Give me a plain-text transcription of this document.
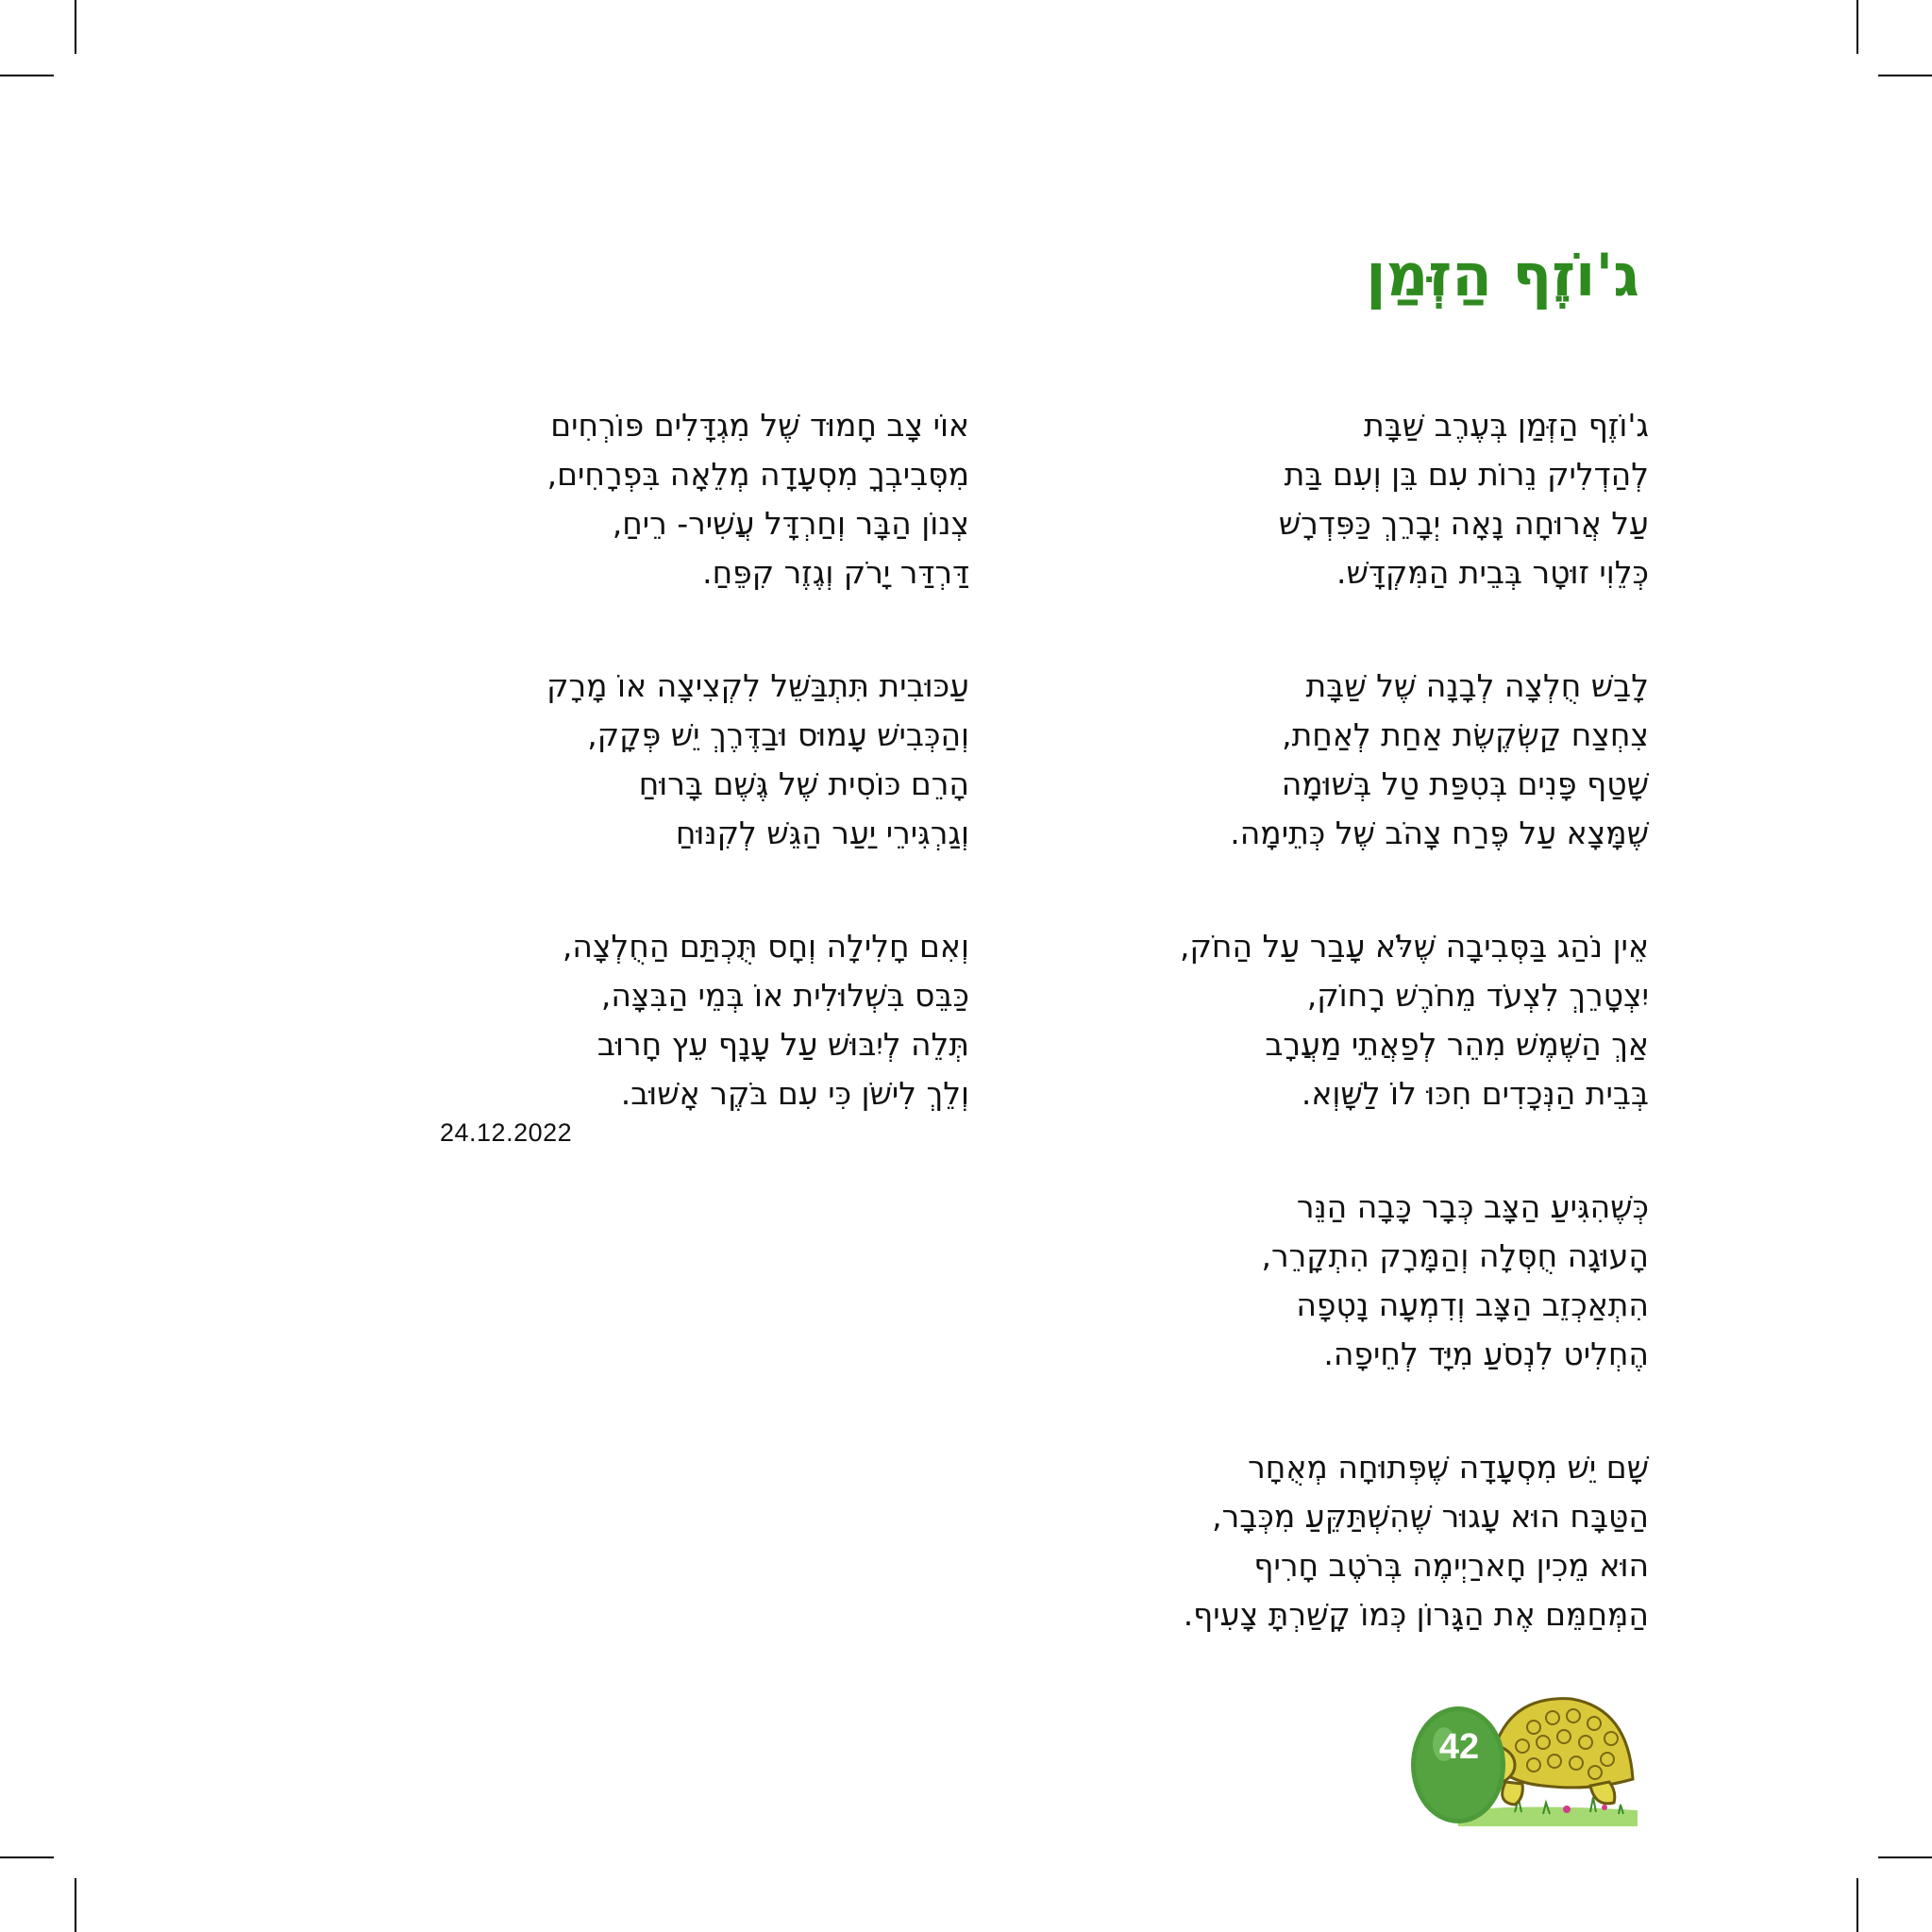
ג'וֹזֶף הַזְּמַן
ג'וֹזֶף הַזְּמַן בְּעֶרֶב שַׁבָּת
לְהַדְלִיק נֵרוֹת עִם בֵּן וְעִם בַּת
עַל אֲרוּחָה נָאָה יְבָרֵךְ כַּפִּדְרָשׁ
כְּלֵוִי זוּטָר בְּבֵית הַמִּקְדָּשׁ.
לָבַשׁ חֻלְצָה לְבָנָה שֶׁל שַׁבָּת
צִחְצַח קַשְׂקֶשֶׂת אַחַת לְאַחַת,
שָׁטַף פָּנִים בְּטִפַּת טַל בְּשׁוּמָה
שֶׁמָּצָא עַל פֶּרַח צָהֹב שֶׁל כְּתֵימָה.
אֵין נֹהַג בַּסְּבִיבָה שֶׁלֹּא עָבַר עַל הַחֹק,
יִצְטָרֵךְ לִצְעֹד מֵחֹרֶשׁ רָחוֹק,
אַךְ הַשֶּׁמֶשׁ מִהֵר לְפַאֲתֵי מַעֲרָב
בְּבֵית הַנְּכָדִים חִכּוּ לוֹ לַשָּׁוְא.
כְּשֶׁהִגִּיעַ הַצָּב כְּבָר כָּבָה הַנֵּר
הָעוּגָה חֻסְּלָה וְהַמָּרָק הִתְקָרֵר,
הִתְאַכְזֵב הַצָּב וְדִמְעָה נָטְפָה
הֶחְלִיט לִנְסֹעַ מִיָּד לְחֵיפָה.
שָׁם יֵשׁ מִסְעָדָה שֶׁפְּתוּחָה מְאֻחָר
הַטַּבָּח הוּא עָגוּר שֶׁהִשְׁתַּקֵּעַ מִכְּבָר,
הוּא מֵכִין חָארַיְימֶה בְּרֹטֶב חָרִיף
הַמְּחַמֵּם אֶת הַגָּרוֹן כְּמוֹ קָשַׁרְתָּ צָעִיף.
אוֹי צָב חָמוּד שֶׁל מִגְדָּלִים פּוֹרְחִים
מִסְּבִיבְךָ מִסְעָדָה מְלֵאָה בִּפְרָחִים,
צְנוֹן הַבָּר וְחַרְדָּל עֲשִׁיר- רֵיחַ,
דַּרְדַּר יָרֹק וְגֶזֶר קִפֵּחַ.
עַכּוּבִית תִּתְבַּשֵּׁל לִקְצִיצָה אוֹ מָרָק
וְהַכְּבִישׁ עָמוּס וּבַדֶּרֶךְ יֵשׁ פְּקָק,
הָרֵם כּוֹסִית שֶׁל גֶּשֶׁם בָּרוּחַ
וְגַרְגִּירֵי יַעַר הַגֵּשׁ לְקִנּוּחַ
וְאִם חָלִילָה וְחָס תֻּכְתַּם הַחֻלְצָה,
כַּבֵּס בִּשְׁלוּלִית אוֹ בְּמֵי הַבִּצָּה,
תְּלֵה לְיִבּוּשׁ עַל עָנָף עֵץ חָרוּב
וְלֵךְ לִישֹׁן כִּי עִם בֹּקֶר אָשׁוּב.
24.12.2022
42
